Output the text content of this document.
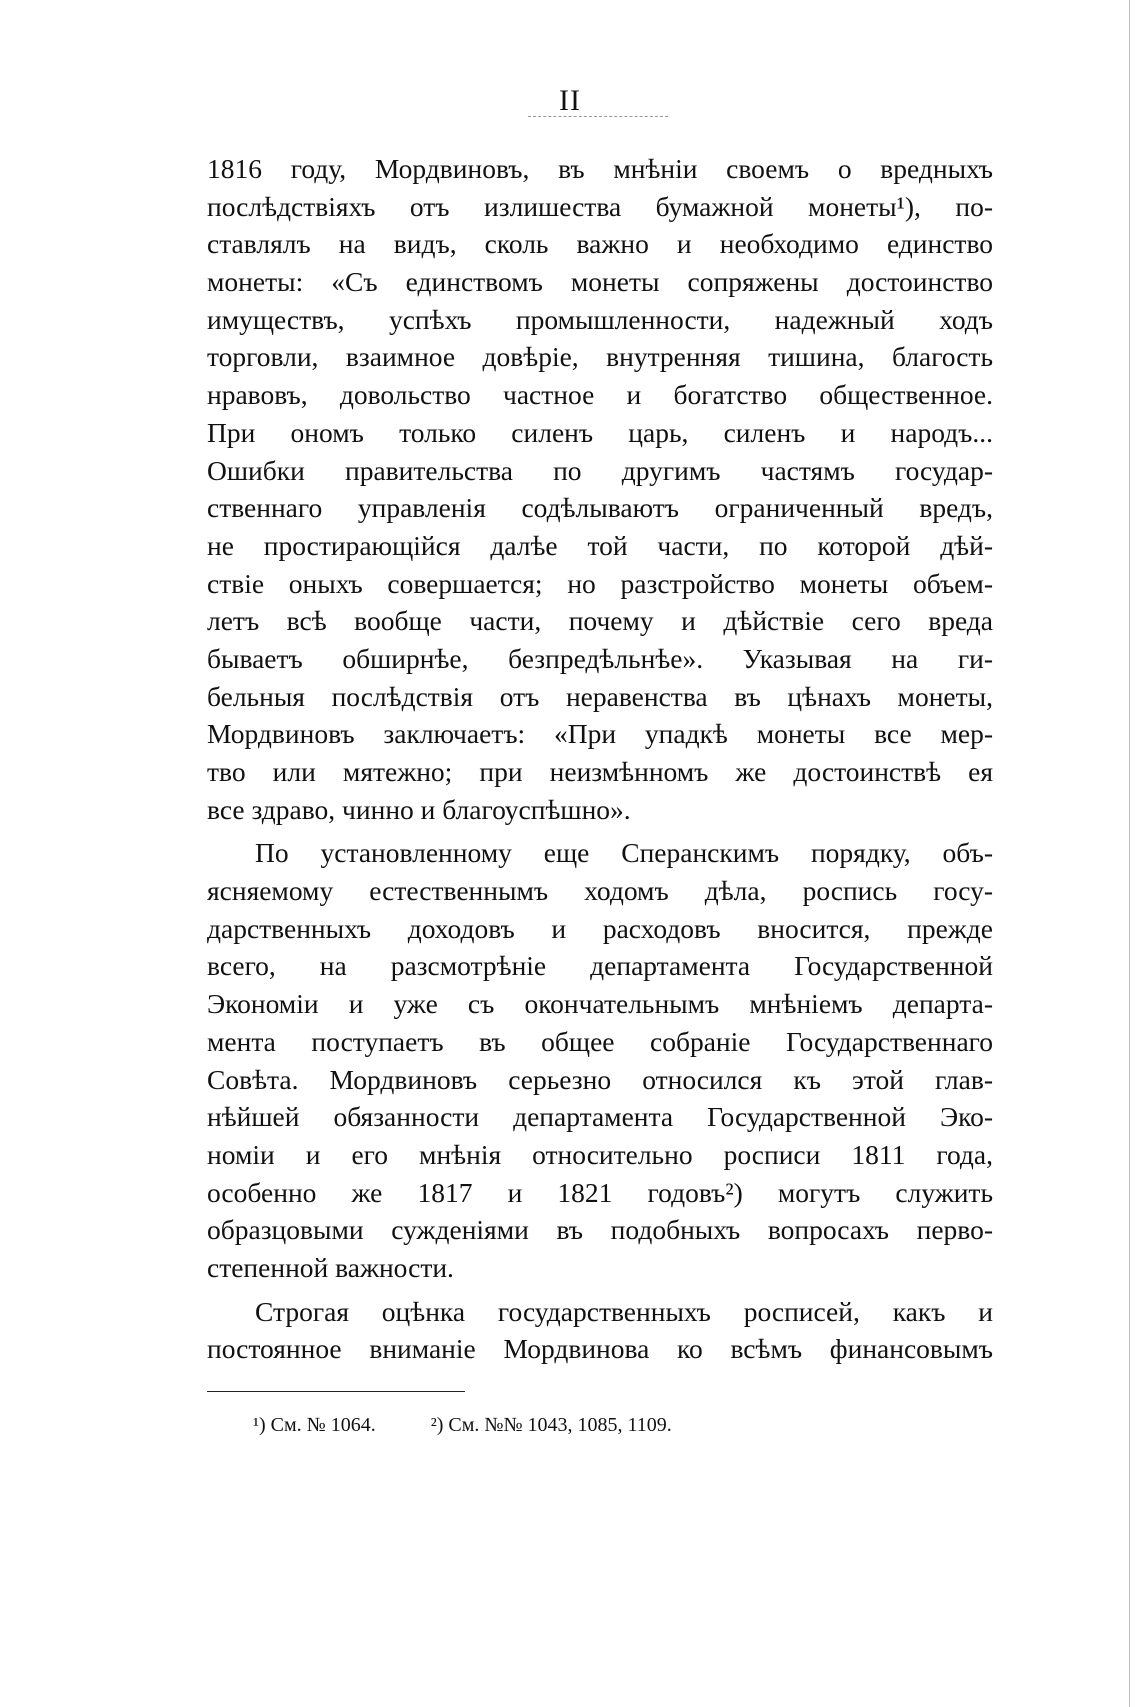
II
1816 году, Мордвиновъ, въ мнѣніи своемъ о вредныхъ
послѣдствіяхъ отъ излишества бумажной монеты¹), по-
ставлялъ на видъ, сколь важно и необходимо единство
монеты: «Съ единствомъ монеты сопряжены достоинство
имуществъ, успѣхъ промышленности, надежный ходъ
торговли, взаимное довѣріе, внутренняя тишина, благость
нравовъ, довольство частное и богатство общественное.
При ономъ только силенъ царь, силенъ и народъ...
Ошибки правительства по другимъ частямъ государ-
ственнаго управленія содѣлываютъ ограниченный вредъ,
не простирающійся далѣе той части, по которой дѣй-
ствіе оныхъ совершается; но разстройство монеты объем-
летъ всѣ вообще части, почему и дѣйствіе сего вреда
бываетъ обширнѣе, безпредѣльнѣе». Указывая на ги-
бельныя послѣдствія отъ неравенства въ цѣнахъ монеты,
Мордвиновъ заключаетъ: «При упадкѣ монеты все мер-
тво или мятежно; при неизмѣнномъ же достоинствѣ ея
все здраво, чинно и благоуспѣшно».
По установленному еще Сперанскимъ порядку, объ-
ясняемому естественнымъ ходомъ дѣла, роспись госу-
дарственныхъ доходовъ и расходовъ вносится, прежде
всего, на разсмотрѣніе департамента Государственной
Экономіи и уже съ окончательнымъ мнѣніемъ департа-
мента поступаетъ въ общее собраніе Государственнаго
Совѣта. Мордвиновъ серьезно относился къ этой глав-
нѣйшей обязанности департамента Государственной Эко-
номіи и его мнѣнія относительно росписи 1811 года,
особенно же 1817 и 1821 годовъ²) могутъ служить
образцовыми сужденіями въ подобныхъ вопросахъ перво-
степенной важности.
Строгая оцѣнка государственныхъ росписей, какъ и
постоянное вниманіе Мордвинова ко всѣмъ финансовымъ
¹) См. № 1064.	²) См. №№ 1043, 1085, 1109.
